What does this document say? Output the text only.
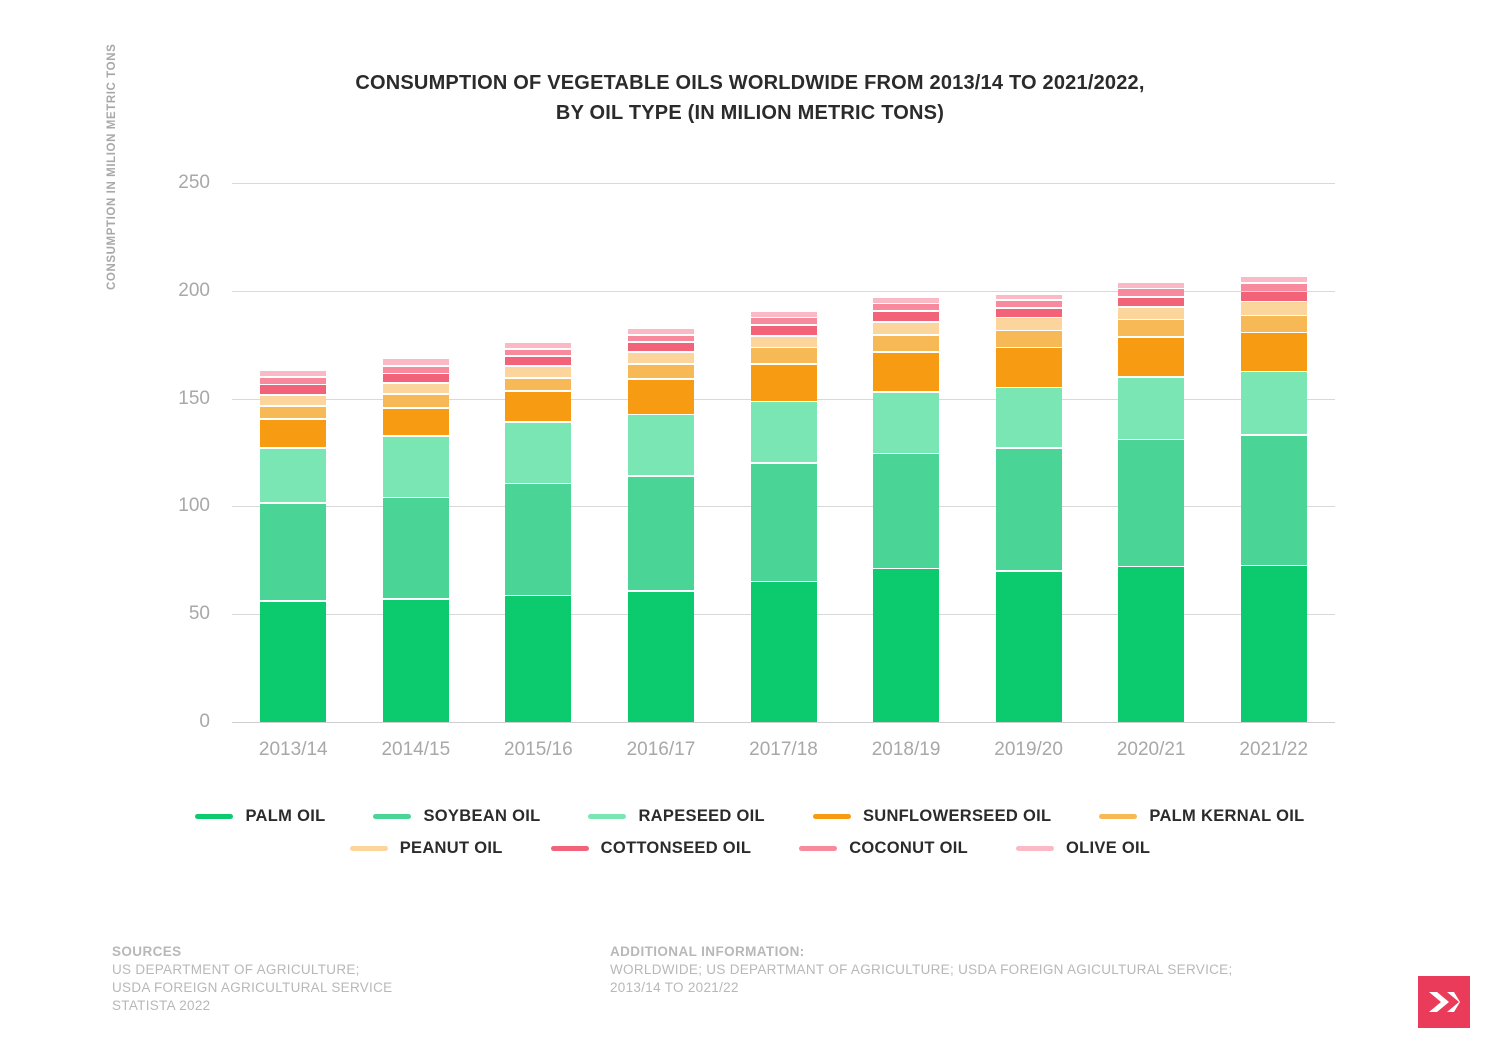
CONSUMPTION OF VEGETABLE OILS WORLDWIDE FROM 2013/14 TO 2021/2022,
BY OIL TYPE (IN MILION METRIC TONS)
CONSUMPTION IN MILION METRIC TONS
0
50
100
150
200
250
2013/14	2014/15	2015/16	2016/17	2017/18	2018/19	2019/20	2020/21	2021/22
PALM OIL	SOYBEAN OIL	RAPESEED OIL	SUNFLOWERSEED OIL	PALM KERNAL OIL
PEANUT OIL	COTTONSEED OIL	COCONUT OIL	OLIVE OIL
SOURCES
US DEPARTMENT OF AGRICULTURE;
USDA FOREIGN AGRICULTURAL SERVICE
STATISTA 2022
ADDITIONAL INFORMATION:
WORLDWIDE; US DEPARTMANT OF AGRICULTURE; USDA FOREIGN AGICULTURAL SERVICE;
2013/14 TO 2021/22
